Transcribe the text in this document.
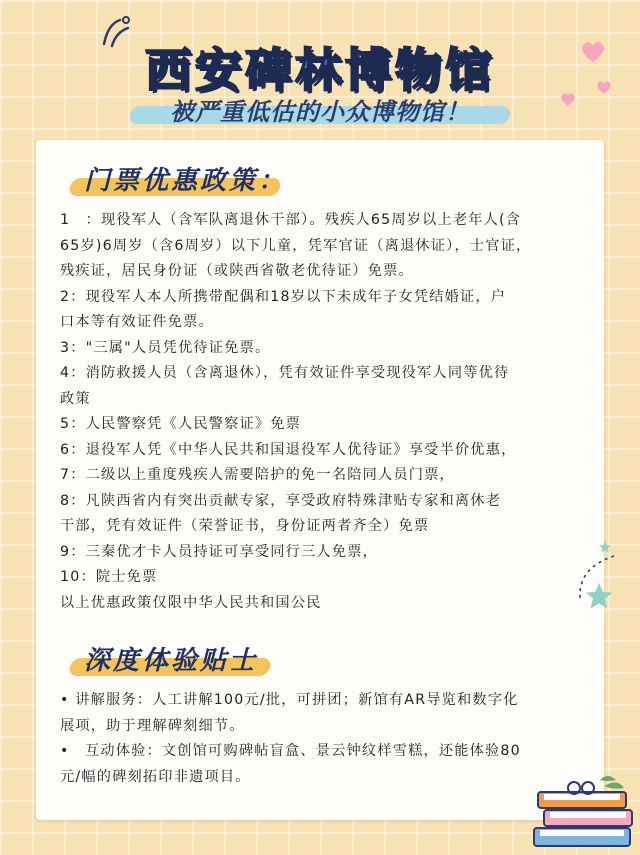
西安碑林博物馆
被严重低估的小众博物馆！
门票优惠政策：

1　：现役军人（含军队离退休干部）。残疾人65周岁以上老年人(含

65岁)6周岁（含6周岁）以下儿童，凭军官证（离退休证），士官证，

残疾证，居民身份证（或陕西省敬老优待证）免票。

2：现役军人本人所携带配偶和18岁以下未成年子女凭结婚证，户

口本等有效证件免票。

3："三属"人员凭优待证免票。

4：消防救援人员（含离退休），凭有效证件享受现役军人同等优待

政策

5：人民警察凭《人民警察证》免票

6：退役军人凭《中华人民共和国退役军人优待证》享受半价优惠，

7：二级以上重度残疾人需要陪护的免一名陪同人员门票，

8：凡陕西省内有突出贡献专家，享受政府特殊津贴专家和离休老

干部，凭有效证件（荣誉证书，身份证两者齐全）免票

9：三秦优才卡人员持证可享受同行三人免票，

10：院士免票

以上优惠政策仅限中华人民共和国公民

深度体验贴士

• 讲解服务：人工讲解100元/批，可拼团；新馆有AR导览和数字化

展项，助于理解碑刻细节。

•　互动体验：文创馆可购碑帖盲盒、景云钟纹样雪糕，还能体验80

元/幅的碑刻拓印非遗项目。
